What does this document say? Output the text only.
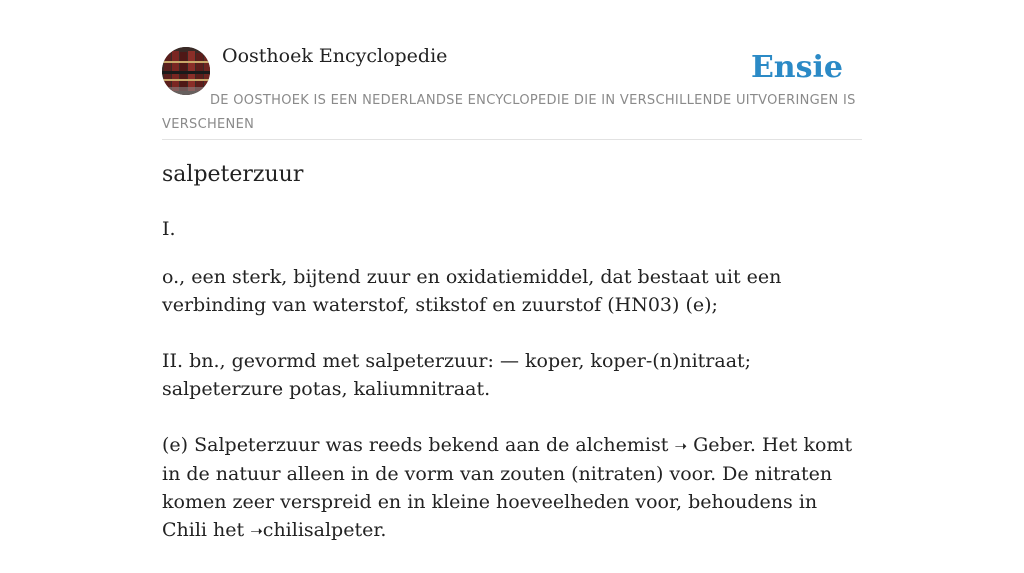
Oosthoek Encyclopedie	Ensie
DE OOSTHOEK IS EEN NEDERLANDSE ENCYCLOPEDIE DIE IN VERSCHILLENDE UITVOERINGEN IS VERSCHENEN
salpeterzuur
I.

o., een sterk, bijtend zuur en oxidatiemiddel, dat bestaat uit een verbinding van waterstof, stikstof en zuurstof (HN03) (e);

II. bn., gevormd met salpeterzuur: — koper, koper-(n)nitraat; salpeterzure potas, kaliumnitraat.

(e) Salpeterzuur was reeds bekend aan de alchemist ➝ Geber. Het komt in de natuur alleen in de vorm van zouten (nitraten) voor. De nitraten komen zeer verspreid en in kleine hoeveelheden voor, behoudens in Chili het ➝chilisalpeter.
